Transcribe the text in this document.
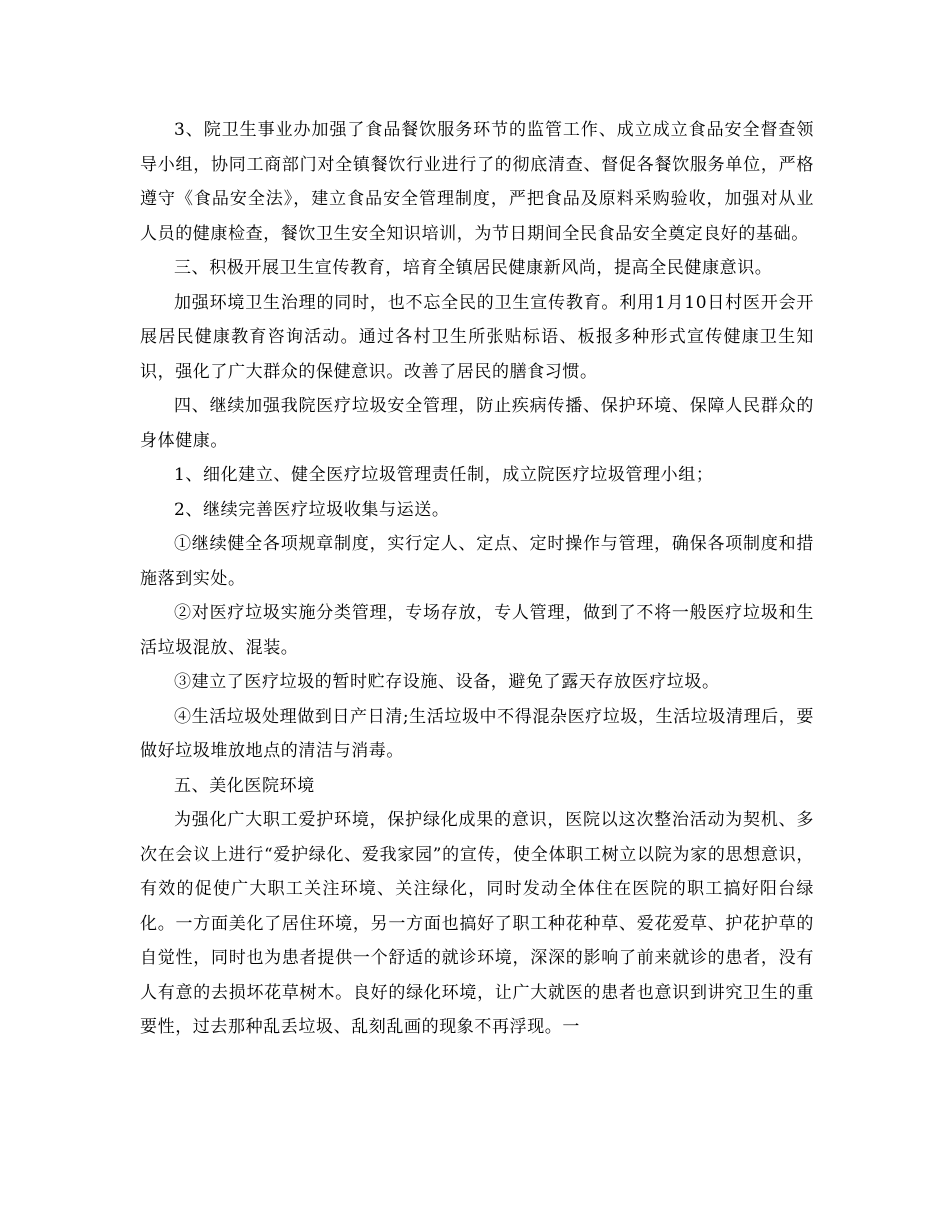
3、院卫生事业办加强了食品餐饮服务环节的监管工作、成立成立食品安全督查领导小组，协同工商部门对全镇餐饮行业进行了的彻底清查、督促各餐饮服务单位，严格遵守《食品安全法》，建立食品安全管理制度，严把食品及原料采购验收，加强对从业人员的健康检查，餐饮卫生安全知识培训，为节日期间全民食品安全奠定良好的基础。

三、积极开展卫生宣传教育，培育全镇居民健康新风尚，提高全民健康意识。

加强环境卫生治理的同时，也不忘全民的卫生宣传教育。利用1月10日村医开会开展居民健康教育咨询活动。通过各村卫生所张贴标语、板报多种形式宣传健康卫生知识，强化了广大群众的保健意识。改善了居民的膳食习惯。

四、继续加强我院医疗垃圾安全管理，防止疾病传播、保护环境、保障人民群众的身体健康。

1、细化建立、健全医疗垃圾管理责任制，成立院医疗垃圾管理小组；

2、继续完善医疗垃圾收集与运送。

①继续健全各项规章制度，实行定人、定点、定时操作与管理，确保各项制度和措施落到实处。

②对医疗垃圾实施分类管理，专场存放，专人管理，做到了不将一般医疗垃圾和生活垃圾混放、混装。

③建立了医疗垃圾的暂时贮存设施、设备，避免了露天存放医疗垃圾。

④生活垃圾处理做到日产日清;生活垃圾中不得混杂医疗垃圾，生活垃圾清理后，要做好垃圾堆放地点的清洁与消毒。

五、美化医院环境

为强化广大职工爱护环境，保护绿化成果的意识，医院以这次整治活动为契机、多次在会议上进行“爱护绿化、爱我家园”的宣传，使全体职工树立以院为家的思想意识，有效的促使广大职工关注环境、关注绿化，同时发动全体住在医院的职工搞好阳台绿化。一方面美化了居住环境，另一方面也搞好了职工种花种草、爱花爱草、护花护草的自觉性，同时也为患者提供一个舒适的就诊环境，深深的影响了前来就诊的患者，没有人有意的去损坏花草树木。良好的绿化环境，让广大就医的患者也意识到讲究卫生的重要性，过去那种乱丢垃圾、乱刻乱画的现象不再浮现。一
